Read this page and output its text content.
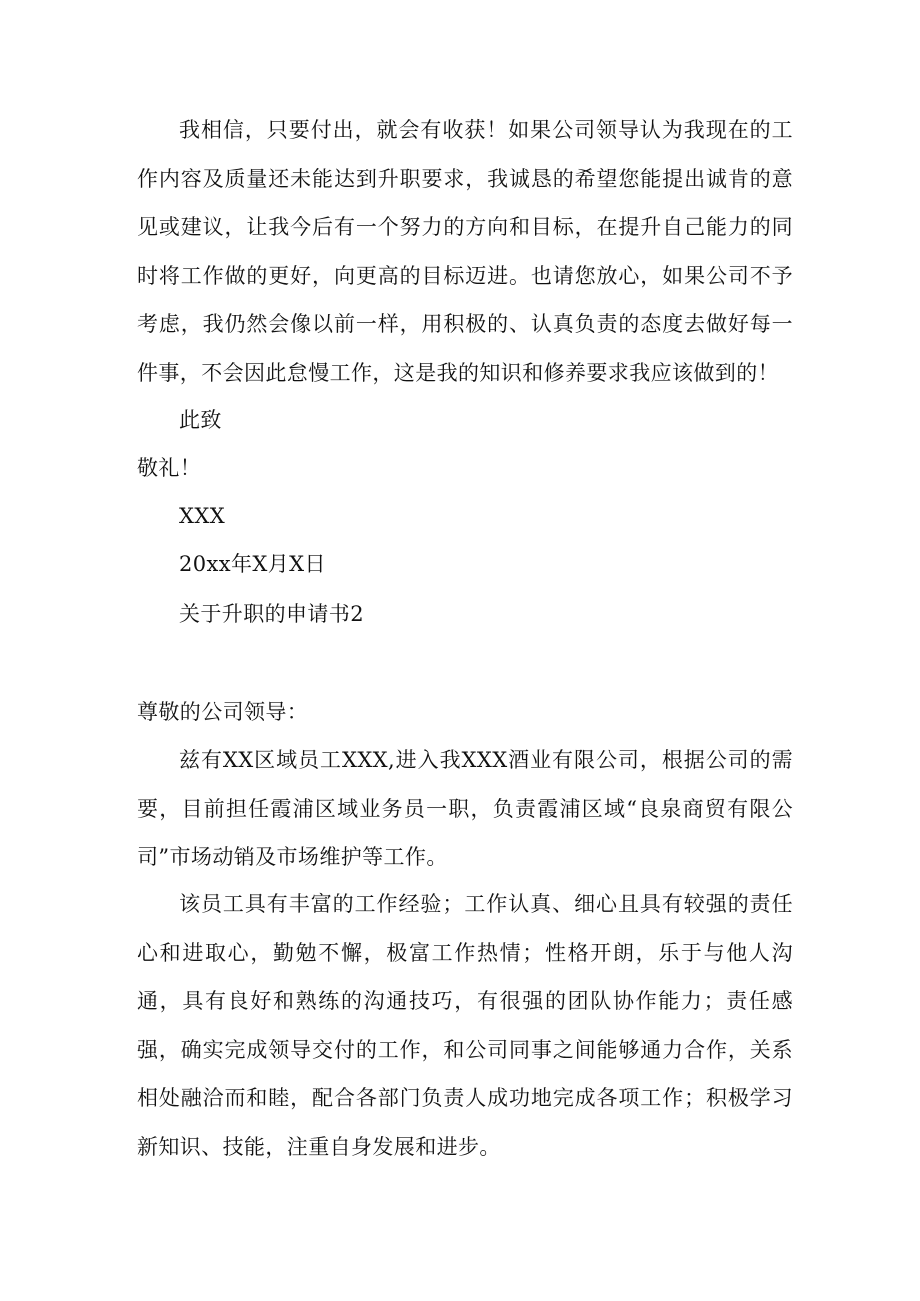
我相信，只要付出，就会有收获！如果公司领导认为我现在的工作内容及质量还未能达到升职要求，我诚恳的希望您能提出诚肯的意见或建议，让我今后有一个努力的方向和目标，在提升自己能力的同时将工作做的更好，向更高的目标迈进。也请您放心，如果公司不予考虑，我仍然会像以前一样，用积极的、认真负责的态度去做好每一件事，不会因此怠慢工作，这是我的知识和修养要求我应该做到的！

此致

敬礼！

XXX

20xx年X月X日

关于升职的申请书2

尊敬的公司领导：

兹有XX区域员工XXX,进入我XXX酒业有限公司，根据公司的需要，目前担任霞浦区域业务员一职，负责霞浦区域“良泉商贸有限公司”市场动销及市场维护等工作。

该员工具有丰富的工作经验；工作认真、细心且具有较强的责任心和进取心，勤勉不懈，极富工作热情；性格开朗，乐于与他人沟通，具有良好和熟练的沟通技巧，有很强的团队协作能力；责任感强，确实完成领导交付的工作，和公司同事之间能够通力合作，关系相处融洽而和睦，配合各部门负责人成功地完成各项工作；积极学习新知识、技能，注重自身发展和进步。
